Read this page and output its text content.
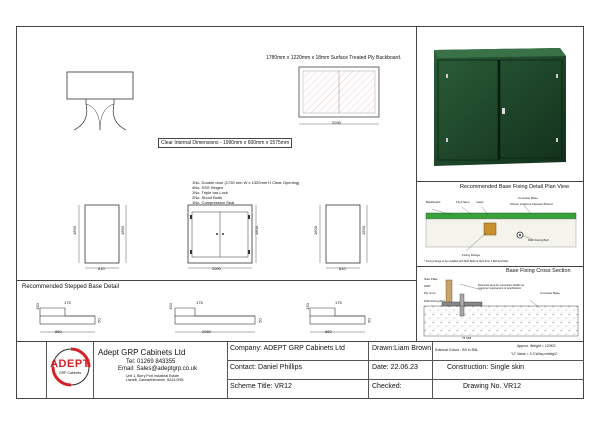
1780mm x 1220mm x 18mm Surface Treated Ply Backboard.
2030
Clear Internal Dimensions - 1990mm x 600mm x 1575mm
1No. Double door (1730 mm W x 1320mm H Clear Opening)
4No. SSS Hinges
1No. Triple bar Lock
2No. Shoot Bolts
1No. Compression Seal
1590	1660
610
1500
2000
1600	1590
610
Recommended Stepped Base Detail
175
860
150
50
175
2050
150
50
175
860
150
50
Recommended Base Fixing Detail Plan View
Backboard	Fly-Frame Insert
Concrete Base
Shown in Above Nearest Bottom
Fixing Flange
M10 Fixing Bolt
* Fixing Flange to be installed with M10 Bolts & Nuts from 1 Bolt End Max
Base Fixing Cross Section
Sole Plate
GRP
Ply Core
M10 Fixing Bolt
Concrete Base
Resin/wet area for connection details as customer requirement or specification
75 MM
ADEPT
GRP Cabinets
Adept GRP Cabinets Ltd
Tel: 01269 843355
Email: Sales@adeptgrp.co.uk
Unit 1, Burry Port Industrial Estate
Llanelli, Carmarthenshire, SA16 0NN
Company: ADEPT GRP Cabinets Ltd
Contact: Daniel Phillips
Scheme Title: VR12
Drawn:Liam Brown
Date: 22.06.23
Checked:
External Colour - BS in RAL
Approx. Weight = 120KG
"U" Value = 3.3 W/sq.m/deg/C
Construction: Single skin
Drawing No. VR12
